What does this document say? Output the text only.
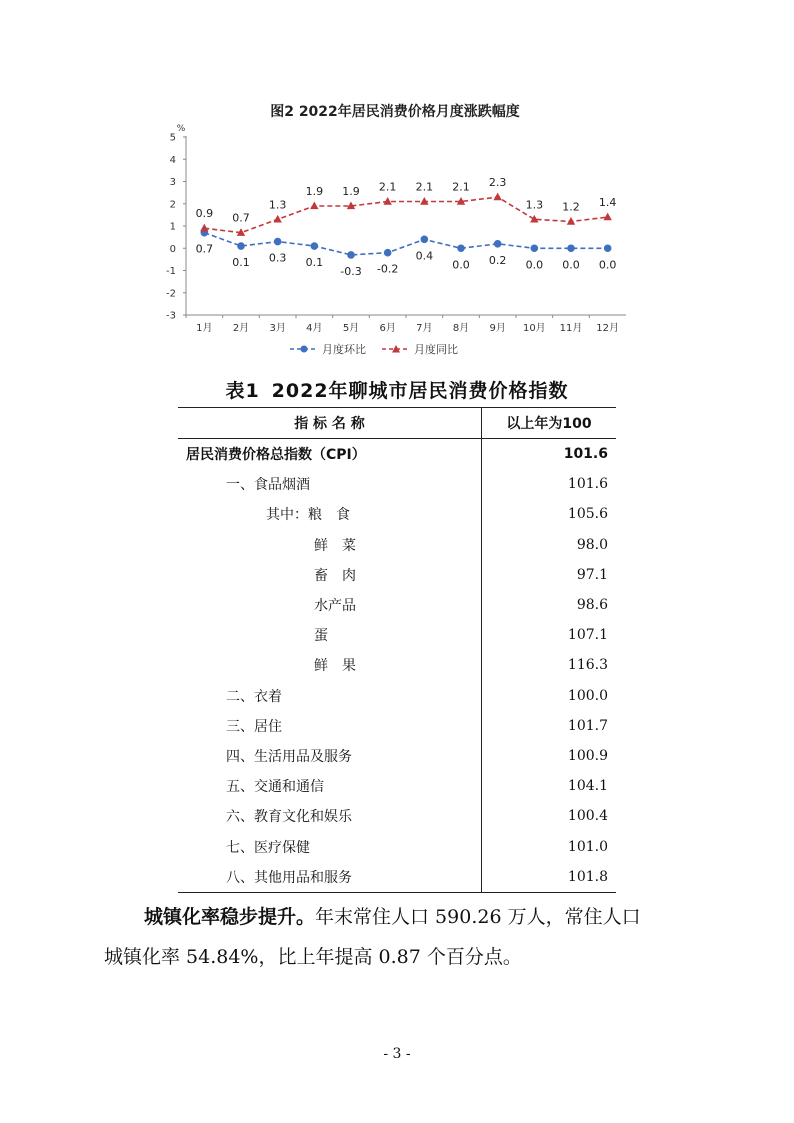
图2 2022年居民消费价格月度涨跌幅度
%
5
4
3
2
1
0
-1
-2
-3
1月 2月 3月 4月 5月 6月 7月 8月 9月 10月 11月 12月
0.7
0.1 0.3 0.1
-0.3 -0.2
0.4
0.0 0.2 0.0 0.0 0.0
0.9 0.7
1.3
1.9 1.9 2.1 2.1 2.1 2.3
1.3 1.2 1.4
月度环比	月度同比
表1 2022年聊城市居民消费价格指数
指 标 名 称	以上年为100
居民消费价格总指数（CPI）	101.6
一、食品烟酒	101.6
其中：粮　食	105.6
鲜　菜	98.0
畜　肉	97.1
水产品	98.6
蛋	107.1
鲜　果	116.3
二、衣着	100.0
三、居住	101.7
四、生活用品及服务	100.9
五、交通和通信	104.1
六、教育文化和娱乐	100.4
七、医疗保健	101.0
八、其他用品和服务	101.8
城镇化率稳步提升。年末常住人口 590.26 万人，常住人口
城镇化率 54.84%，比上年提高 0.87 个百分点。
- 3 -
